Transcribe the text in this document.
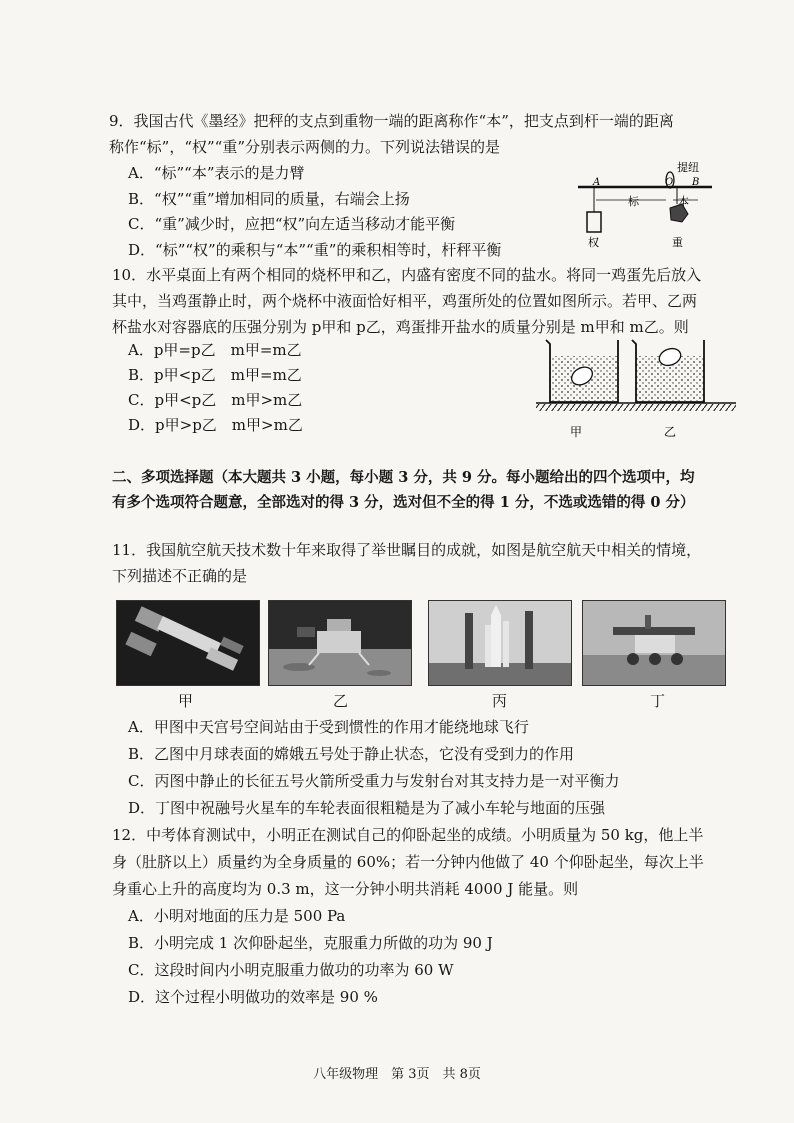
9．我国古代《墨经》把秤的支点到重物一端的距离称作“本”，把支点到杆一端的距离
称作“标”，“权”“重”分别表示两侧的力。下列说法错误的是
A．“标”“本”表示的是力臂
B．“权”“重”增加相同的质量，右端会上扬
C．“重”减少时，应把“权”向左适当移动才能平衡
D．“标”“权”的乘积与“本”“重”的乘积相等时，杆秤平衡
A	O B
提纽
标	本
权	重
10．水平桌面上有两个相同的烧杯甲和乙，内盛有密度不同的盐水。将同一鸡蛋先后放入
其中，当鸡蛋静止时，两个烧杯中液面恰好相平，鸡蛋所处的位置如图所示。若甲、乙两
杯盐水对容器底的压强分别为 p甲和 p乙，鸡蛋排开盐水的质量分别是 m甲和 m乙。则
A．p甲=p乙　m甲=m乙
B．p甲<p乙　m甲=m乙
C．p甲<p乙　m甲>m乙
D．p甲>p乙　m甲>m乙	甲	乙
二、多项选择题（本大题共 3 小题，每小题 3 分，共 9 分。每小题给出的四个选项中，均
有多个选项符合题意，全部选对的得 3 分，选对但不全的得 1 分，不选或选错的得 0 分）
11．我国航空航天技术数十年来取得了举世瞩目的成就，如图是航空航天中相关的情境，
下列描述不正确的是
甲	乙	丙	丁
A．甲图中天宫号空间站由于受到惯性的作用才能绕地球飞行
B．乙图中月球表面的嫦娥五号处于静止状态，它没有受到力的作用
C．丙图中静止的长征五号火箭所受重力与发射台对其支持力是一对平衡力
D．丁图中祝融号火星车的车轮表面很粗糙是为了减小车轮与地面的压强
12．中考体育测试中，小明正在测试自己的仰卧起坐的成绩。小明质量为 50 kg，他上半
身（肚脐以上）质量约为全身质量的 60%；若一分钟内他做了 40 个仰卧起坐，每次上半
身重心上升的高度均为 0.3 m，这一分钟小明共消耗 4000 J 能量。则
A．小明对地面的压力是 500 Pa
B．小明完成 1 次仰卧起坐，克服重力所做的功为 90 J
C．这段时间内小明克服重力做功的功率为 60 W
D．这个过程小明做功的效率是 90 %
八年级物理　第 3页　共 8页
